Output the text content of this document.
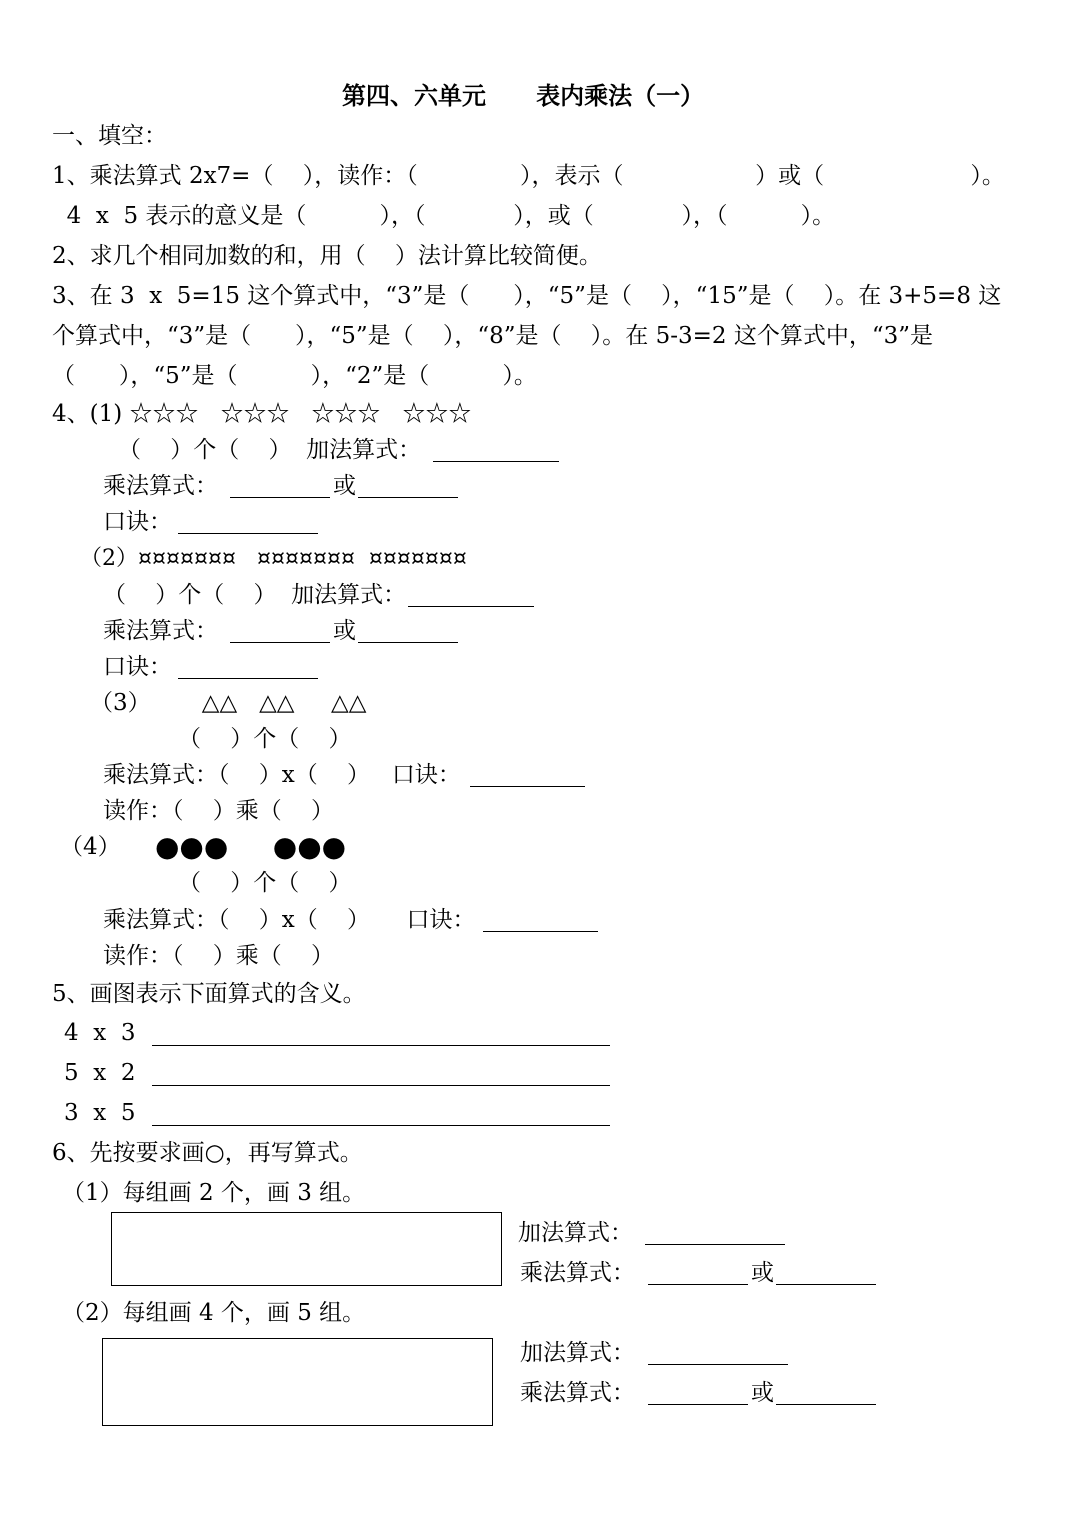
第四、六单元      表内乘法（一）
一、填空：
1、乘法算式 2x7=（    ），读作：（              ），表示（                  ）或（                    ）。
4  x  5 表示的意义是（          ），（            ），或（            ），（          ）。
2、求几个相同加数的和，用（    ）法计算比较简便。
3、在 3  x  5=15 这个算式中，“3”是（      ），“5”是（    ），“15”是（    ）。在 3+5=8 这
个算式中，“3”是（      ），“5”是（    ），“8”是（    ）。在 5-3=2 这个算式中，“3”是
（      ），“5”是（          ），“2”是（          ）。
4、(1) ☆☆☆   ☆☆☆   ☆☆☆   ☆☆☆
（    ）个（    ）  加法算式：
乘法算式：	或
口诀：
（2）¤¤¤¤¤¤¤   ¤¤¤¤¤¤¤  ¤¤¤¤¤¤¤
（    ）个（    ）  加法算式：
乘法算式：	或
口诀：
（3）       △△   △△     △△
（    ）个（    ）
乘法算式：（    ）x（    ）   口诀：
读作：（    ）乘（    ）
（4） ●●●     ●●●
（    ）个（    ）
乘法算式：（    ）x（    ）     口诀：
读作：（    ）乘（    ）
5、画图表示下面算式的含义。
4  x  3
5  x  2
3  x  5
6、先按要求画○，再写算式。
（1）每组画 2 个，画 3 组。
加法算式：
乘法算式：	或
（2）每组画 4 个，画 5 组。
加法算式：
乘法算式：	或
